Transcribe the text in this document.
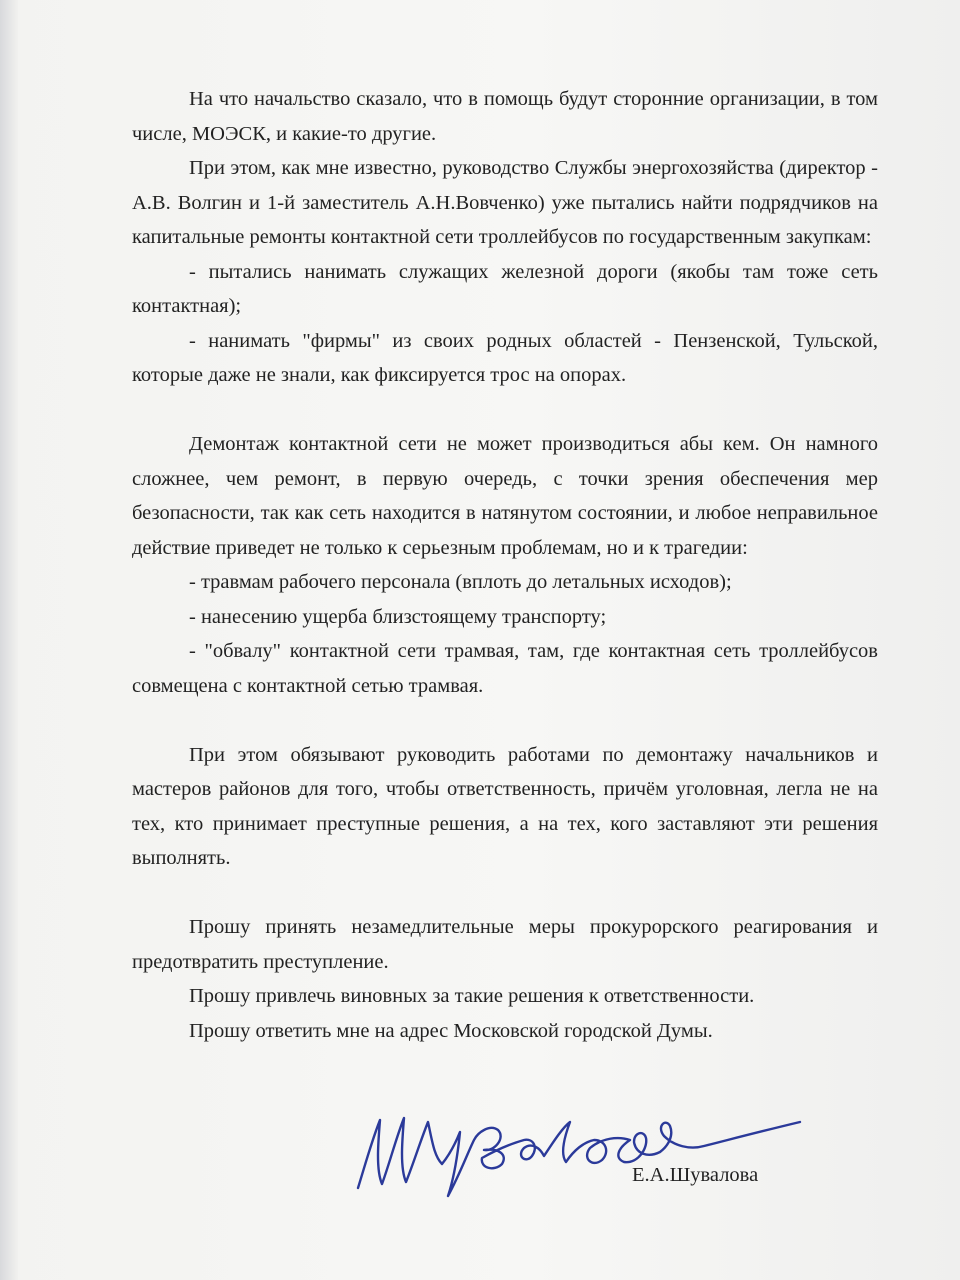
На что начальство сказало, что в помощь будут сторонние организации, в том числе, МОЭСК, и какие-то другие.

При этом, как мне известно, руководство Службы энергохозяйства (директор - А.В. Волгин и 1-й заместитель А.Н.Вовченко) уже пытались найти подрядчиков на капитальные ремонты контактной сети троллейбусов по государственным закупкам:

- пытались нанимать служащих железной дороги (якобы там тоже сеть контактная);

- нанимать "фирмы" из своих родных областей - Пензенской, Тульской, которые даже не знали, как фиксируется трос на опорах.

Демонтаж контактной сети не может производиться абы кем. Он намного сложнее, чем ремонт, в первую очередь, с точки зрения обеспечения мер безопасности, так как сеть находится в натянутом состоянии, и любое неправильное действие приведет не только к серьезным проблемам, но и к трагедии:

- травмам рабочего персонала (вплоть до летальных исходов);

- нанесению ущерба близстоящему транспорту;

- "обвалу" контактной сети трамвая, там, где контактная сеть троллейбусов совмещена с контактной сетью трамвая.

При этом обязывают руководить работами по демонтажу начальников и мастеров районов для того, чтобы ответственность, причём уголовная, легла не на тех, кто принимает преступные решения, а на тех, кого заставляют эти решения выполнять.

Прошу принять незамедлительные меры прокурорского реагирования и предотвратить преступление.

Прошу привлечь виновных за такие решения к ответственности.

Прошу ответить мне на адрес Московской городской Думы.

Е.А.Шувалова
